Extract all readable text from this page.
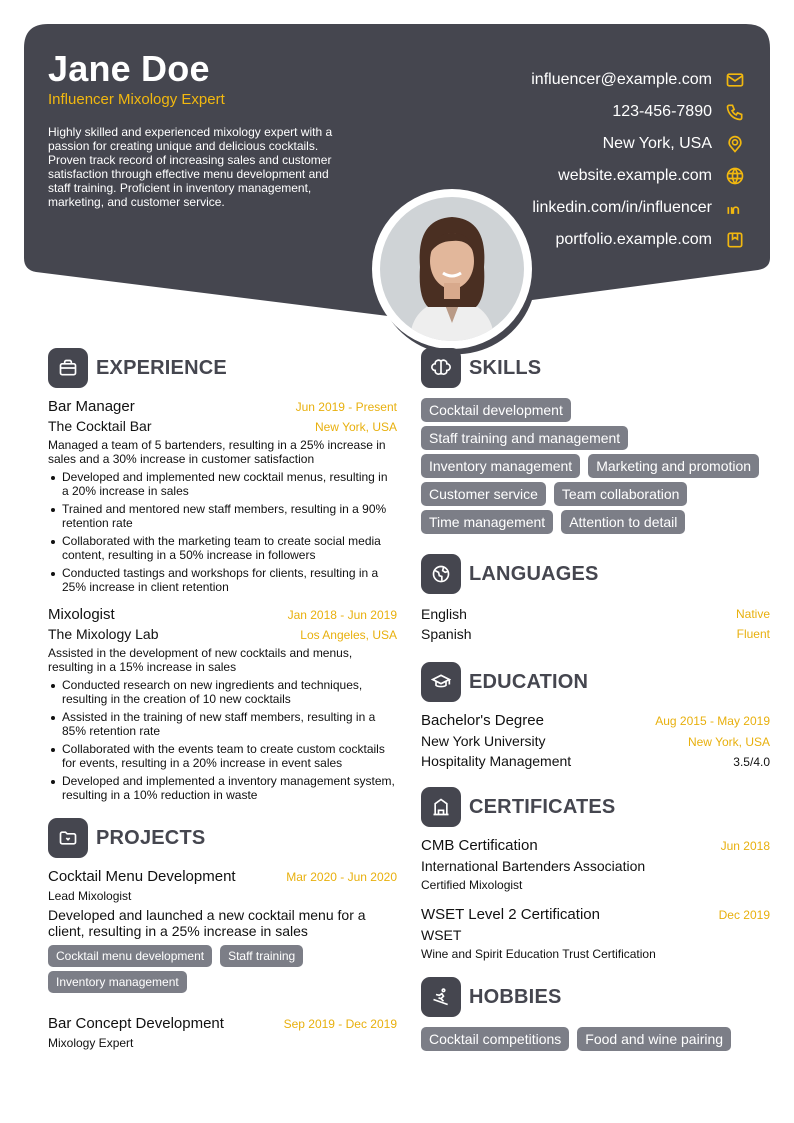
Jane Doe
Influencer Mixology Expert
Highly skilled and experienced mixology expert with a passion for creating unique and delicious cocktails. Proven track record of increasing sales and customer satisfaction through effective menu development and staff training. Proficient in inventory management, marketing, and customer service.
influencer@example.com
123-456-7890
New York, USA
website.example.com
linkedin.com/in/influencer
portfolio.example.com
EXPERIENCE
Bar Manager	Jun 2019 - Present
The Cocktail Bar	New York, USA
Managed a team of 5 bartenders, resulting in a 25% increase in sales and a 30% increase in customer satisfaction
Developed and implemented new cocktail menus, resulting in a 20% increase in sales
Trained and mentored new staff members, resulting in a 90% retention rate
Collaborated with the marketing team to create social media content, resulting in a 50% increase in followers
Conducted tastings and workshops for clients, resulting in a 25% increase in client retention
Mixologist	Jan 2018 - Jun 2019
The Mixology Lab	Los Angeles, USA
Assisted in the development of new cocktails and menus, resulting in a 15% increase in sales
Conducted research on new ingredients and techniques, resulting in the creation of 10 new cocktails
Assisted in the training of new staff members, resulting in a 85% retention rate
Collaborated with the events team to create custom cocktails for events, resulting in a 20% increase in event sales
Developed and implemented a inventory management system, resulting in a 10% reduction in waste
PROJECTS
Cocktail Menu Development	Mar 2020 - Jun 2020
Lead Mixologist
Developed and launched a new cocktail menu for a client, resulting in a 25% increase in sales
Cocktail menu development	Staff training
Inventory management
Bar Concept Development	Sep 2019 - Dec 2019
Mixology Expert
SKILLS
Cocktail development
Staff training and management
Inventory management	Marketing and promotion
Customer service	Team collaboration
Time management	Attention to detail
LANGUAGES
English	Native
Spanish	Fluent
EDUCATION
Bachelor's Degree	Aug 2015 - May 2019
New York University	New York, USA
Hospitality Management	3.5/4.0
CERTIFICATES
CMB Certification	Jun 2018
International Bartenders Association
Certified Mixologist
WSET Level 2 Certification	Dec 2019
WSET
Wine and Spirit Education Trust Certification
HOBBIES
Cocktail competitions	Food and wine pairing
